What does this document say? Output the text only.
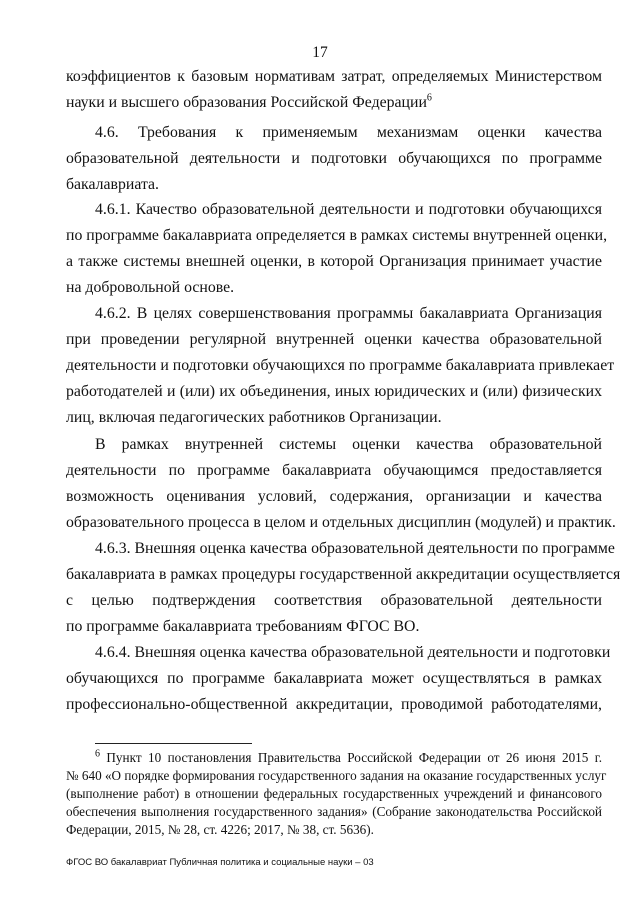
17
коэффициентов к базовым нормативам затрат, определяемых Министерством
науки и высшего образования Российской Федерации$^6$
4.6. Требования к применяемым механизмам оценки качества
образовательной деятельности и подготовки обучающихся по программе
бакалавриата.
4.6.1. Качество образовательной деятельности и подготовки обучающихся
по программе бакалавриата определяется в рамках системы внутренней оценки,
а также системы внешней оценки, в которой Организация принимает участие
на добровольной основе.
4.6.2. В целях совершенствования программы бакалавриата Организация
при проведении регулярной внутренней оценки качества образовательной
деятельности и подготовки обучающихся по программе бакалавриата привлекает
работодателей и (или) их объединения, иных юридических и (или) физических
лиц, включая педагогических работников Организации.
В рамках внутренней системы оценки качества образовательной
деятельности по программе бакалавриата обучающимся предоставляется
возможность оценивания условий, содержания, организации и качества
образовательного процесса в целом и отдельных дисциплин (модулей) и практик.
4.6.3. Внешняя оценка качества образовательной деятельности по программе
бакалавриата в рамках процедуры государственной аккредитации осуществляется
с целью подтверждения соответствия образовательной деятельности
по программе бакалавриата требованиям ФГОС ВО.
4.6.4. Внешняя оценка качества образовательной деятельности и подготовки
обучающихся по программе бакалавриата может осуществляться в рамках
профессионально-общественной аккредитации, проводимой работодателями,
$^6$ Пункт 10 постановления Правительства Российской Федерации от 26 июня 2015 г.
№ 640 «О порядке формирования государственного задания на оказание государственных услуг
(выполнение работ) в отношении федеральных государственных учреждений и финансового
обеспечения выполнения государственного задания» (Собрание законодательства Российской
Федерации, 2015, № 28, ст. 4226; 2017, № 38, ст. 5636).
ФГОС ВО бакалавриат Публичная политика и социальные науки – 03
